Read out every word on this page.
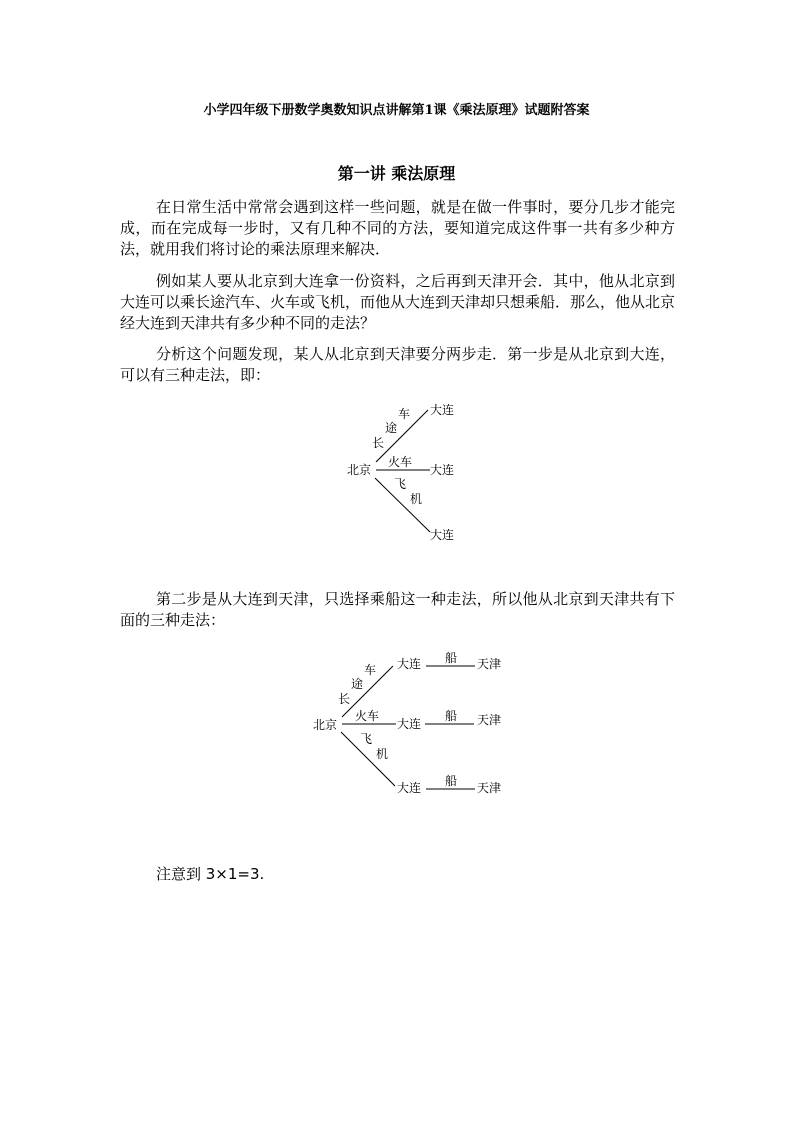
小学四年级下册数学奥数知识点讲解第1课《乘法原理》试题附答案
第一讲 乘法原理
在日常生活中常常会遇到这样一些问题，就是在做一件事时，要分几步才能完成，而在完成每一步时，又有几种不同的方法，要知道完成这件事一共有多少种方法，就用我们将讨论的乘法原理来解决．
例如某人要从北京到大连拿一份资料，之后再到天津开会．其中，他从北京到大连可以乘长途汽车、火车或飞机，而他从大连到天津却只想乘船．那么，他从北京经大连到天津共有多少种不同的走法？
分析这个问题发现，某人从北京到天津要分两步走．第一步是从北京到大连，可以有三种走法，即：
北京
长
途
车
火车
飞
机
大连
大连
大连
第二步是从大连到天津，只选择乘船这一种走法，所以他从北京到天津共有下面的三种走法：
北京
长
途
车
火车
飞
机
大连
大连
大连
船
船
船
天津
天津
天津
注意到 3×1=3.
